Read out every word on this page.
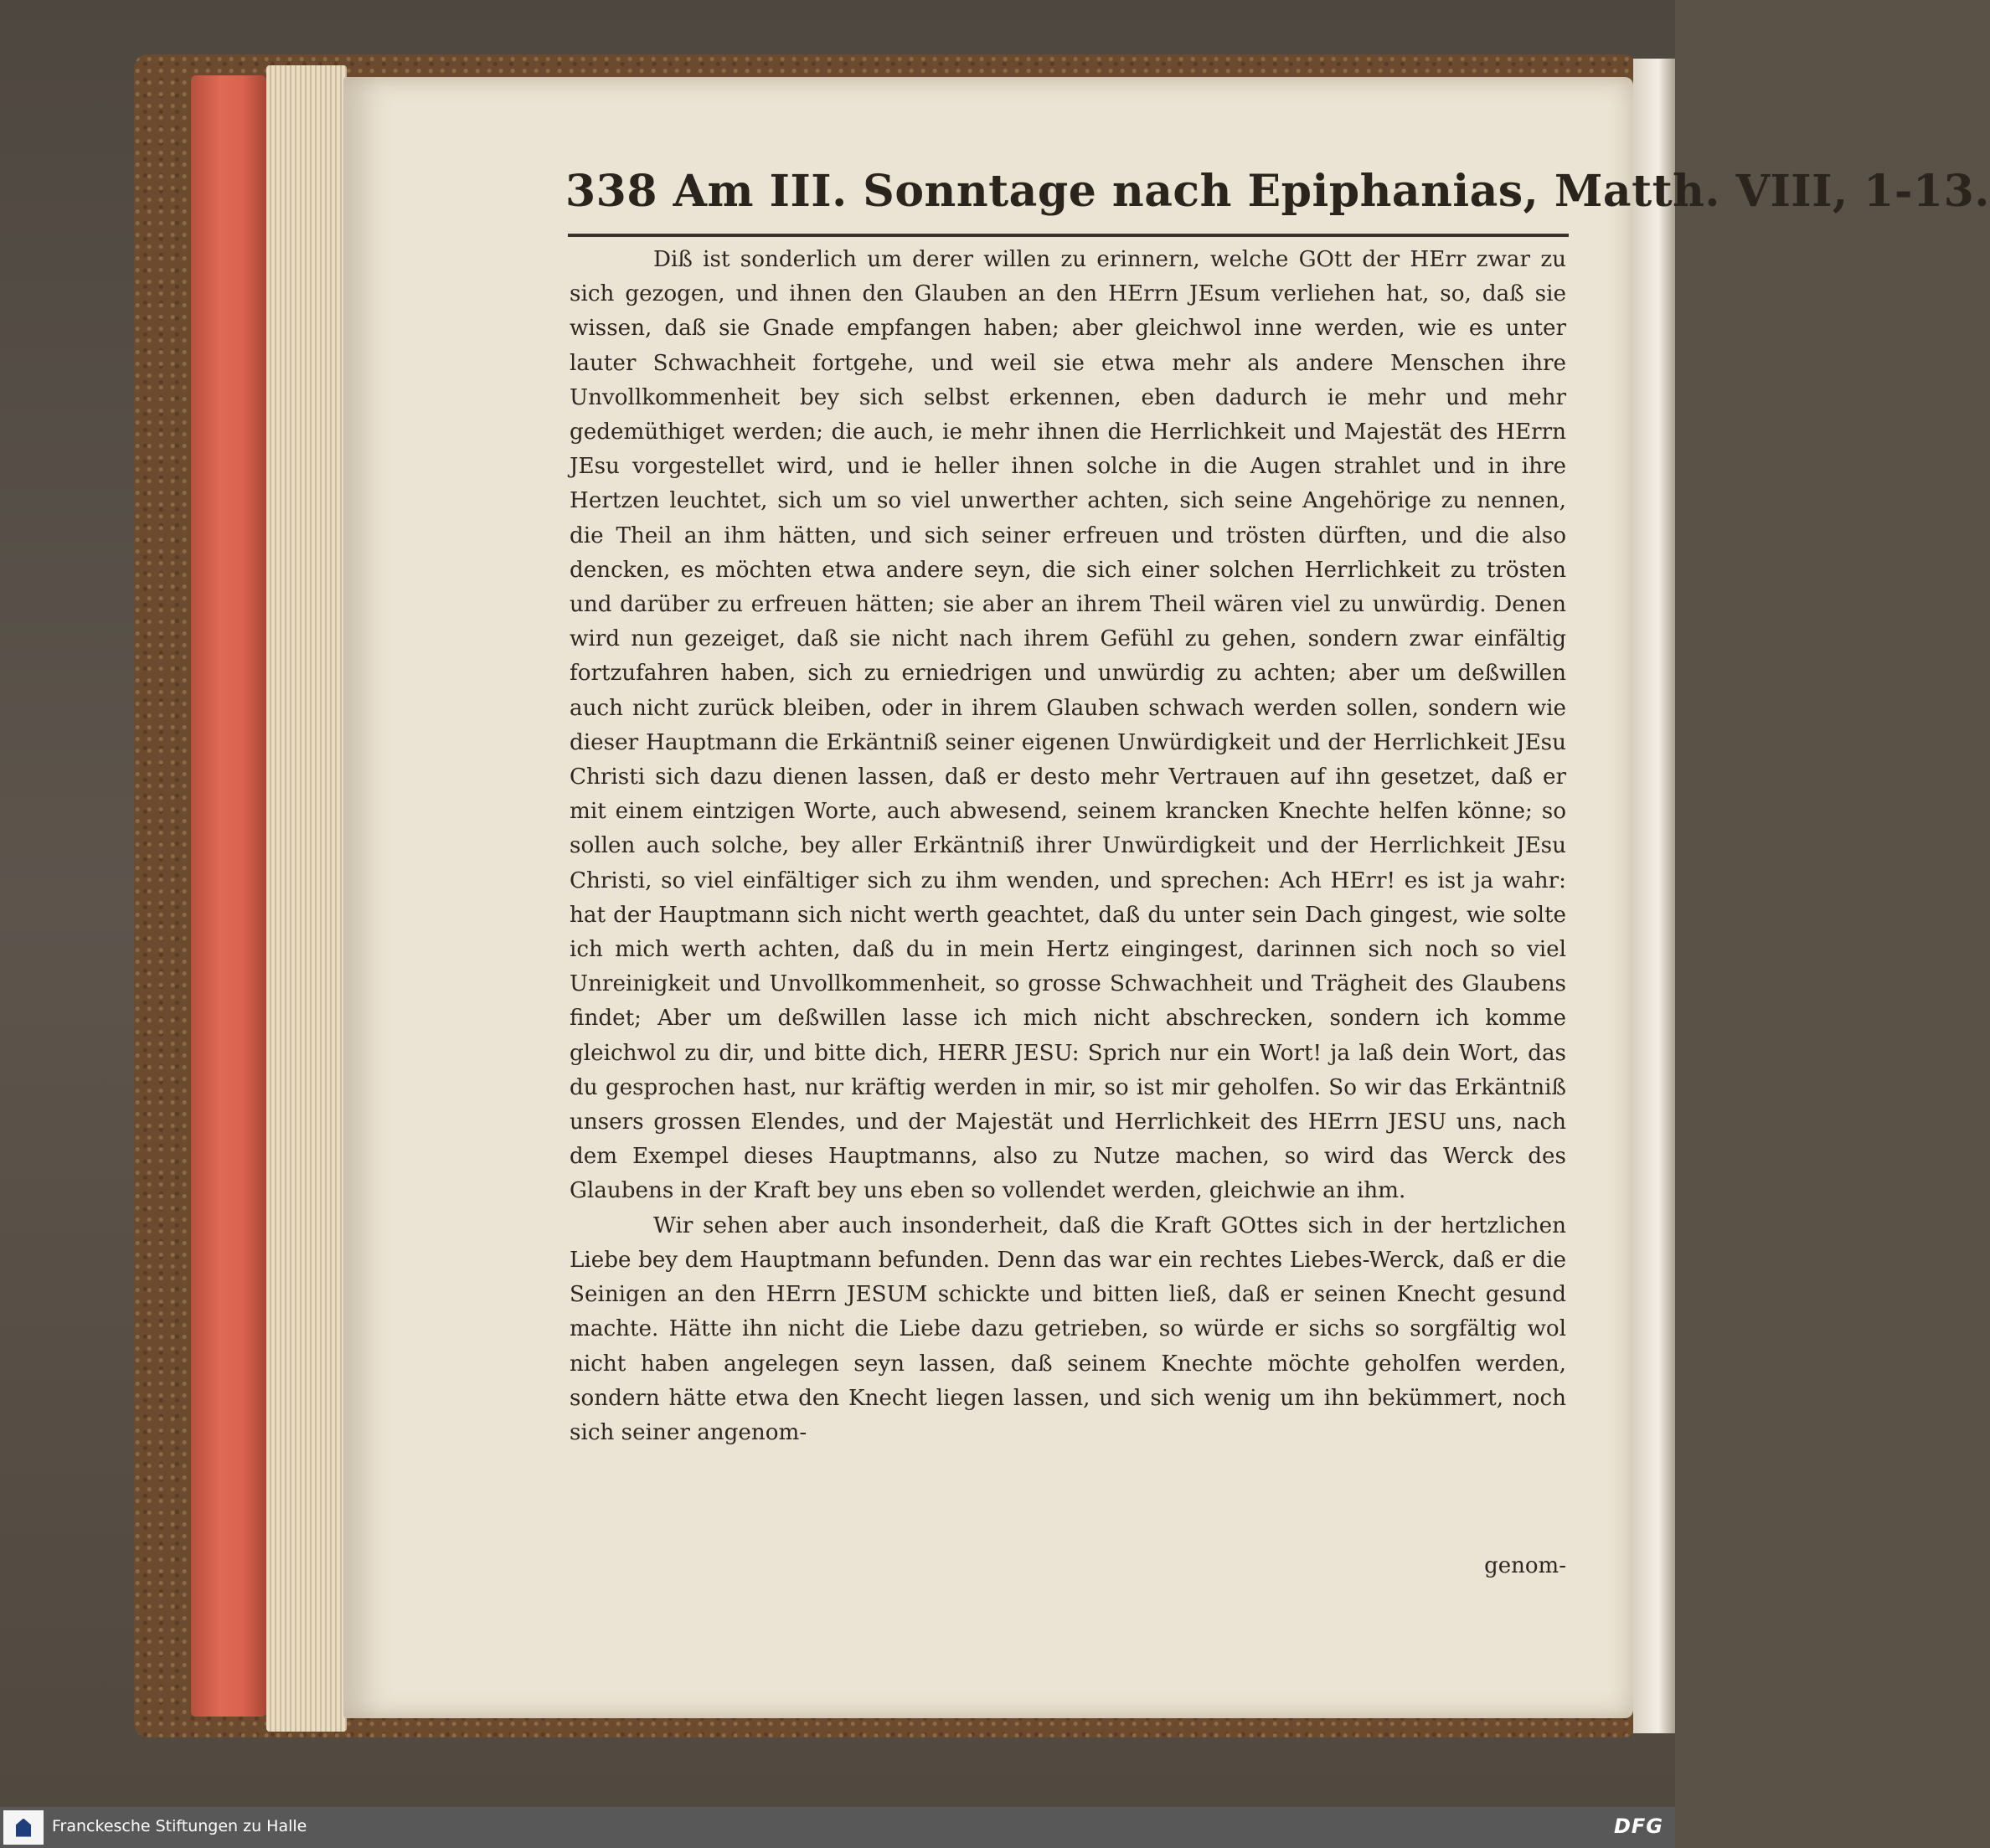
338 Am III. Sonntage nach Epiphanias, Matth. VIII, 1-13.

Diß ist sonderlich um derer willen zu erinnern, welche GOtt der HErr zwar zu sich gezogen, und ihnen den Glauben an den HErrn JEsum verliehen hat, so, daß sie wissen, daß sie Gnade empfangen haben; aber gleichwol inne werden, wie es unter lauter Schwachheit fortgehe, und weil sie etwa mehr als andere Menschen ihre Unvollkommenheit bey sich selbst erkennen, eben dadurch ie mehr und mehr gedemüthiget werden; die auch, ie mehr ihnen die Herrlichkeit und Majestät des HErrn JEsu vorgestellet wird, und ie heller ihnen solche in die Augen strahlet und in ihre Hertzen leuchtet, sich um so viel unwerther achten, sich seine Angehörige zu nennen, die Theil an ihm hätten, und sich seiner erfreuen und trösten dürften, und die also dencken, es möchten etwa andere seyn, die sich einer solchen Herrlichkeit zu trösten und darüber zu erfreuen hätten; sie aber an ihrem Theil wären viel zu unwürdig. Denen wird nun gezeiget, daß sie nicht nach ihrem Gefühl zu gehen, sondern zwar einfältig fortzufahren haben, sich zu erniedrigen und unwürdig zu achten; aber um deßwillen auch nicht zurück bleiben, oder in ihrem Glauben schwach werden sollen, sondern wie dieser Hauptmann die Erkäntniß seiner eigenen Unwürdigkeit und der Herrlichkeit JEsu Christi sich dazu dienen lassen, daß er desto mehr Vertrauen auf ihn gesetzet, daß er mit einem eintzigen Worte, auch abwesend, seinem krancken Knechte helfen könne; so sollen auch solche, bey aller Erkäntniß ihrer Unwürdigkeit und der Herrlichkeit JEsu Christi, so viel einfältiger sich zu ihm wenden, und sprechen: Ach HErr! es ist ja wahr: hat der Hauptmann sich nicht werth geachtet, daß du unter sein Dach gingest, wie solte ich mich werth achten, daß du in mein Hertz eingingest, darinnen sich noch so viel Unreinigkeit und Unvollkommenheit, so grosse Schwachheit und Trägheit des Glaubens findet; Aber um deßwillen lasse ich mich nicht abschrecken, sondern ich komme gleichwol zu dir, und bitte dich, HERR JESU: Sprich nur ein Wort! ja laß dein Wort, das du gesprochen hast, nur kräftig werden in mir, so ist mir geholfen. So wir das Erkäntniß unsers grossen Elendes, und der Majestät und Herrlichkeit des HErrn JESU uns, nach dem Exempel dieses Hauptmanns, also zu Nutze machen, so wird das Werck des Glaubens in der Kraft bey uns eben so vollendet werden, gleichwie an ihm.

Wir sehen aber auch insonderheit, daß die Kraft GOttes sich in der hertzlichen Liebe bey dem Hauptmann befunden. Denn das war ein rechtes Liebes-Werck, daß er die Seinigen an den HErrn JESUM schickte und bitten ließ, daß er seinen Knecht gesund machte. Hätte ihn nicht die Liebe dazu getrieben, so würde er sichs so sorgfältig wol nicht haben angelegen seyn lassen, daß seinem Knechte möchte geholfen werden, sondern hätte etwa den Knecht liegen lassen, und sich wenig um ihn bekümmert, noch sich seiner angenom-

genom-
Franckesche Stiftungen zu Halle	DFG
